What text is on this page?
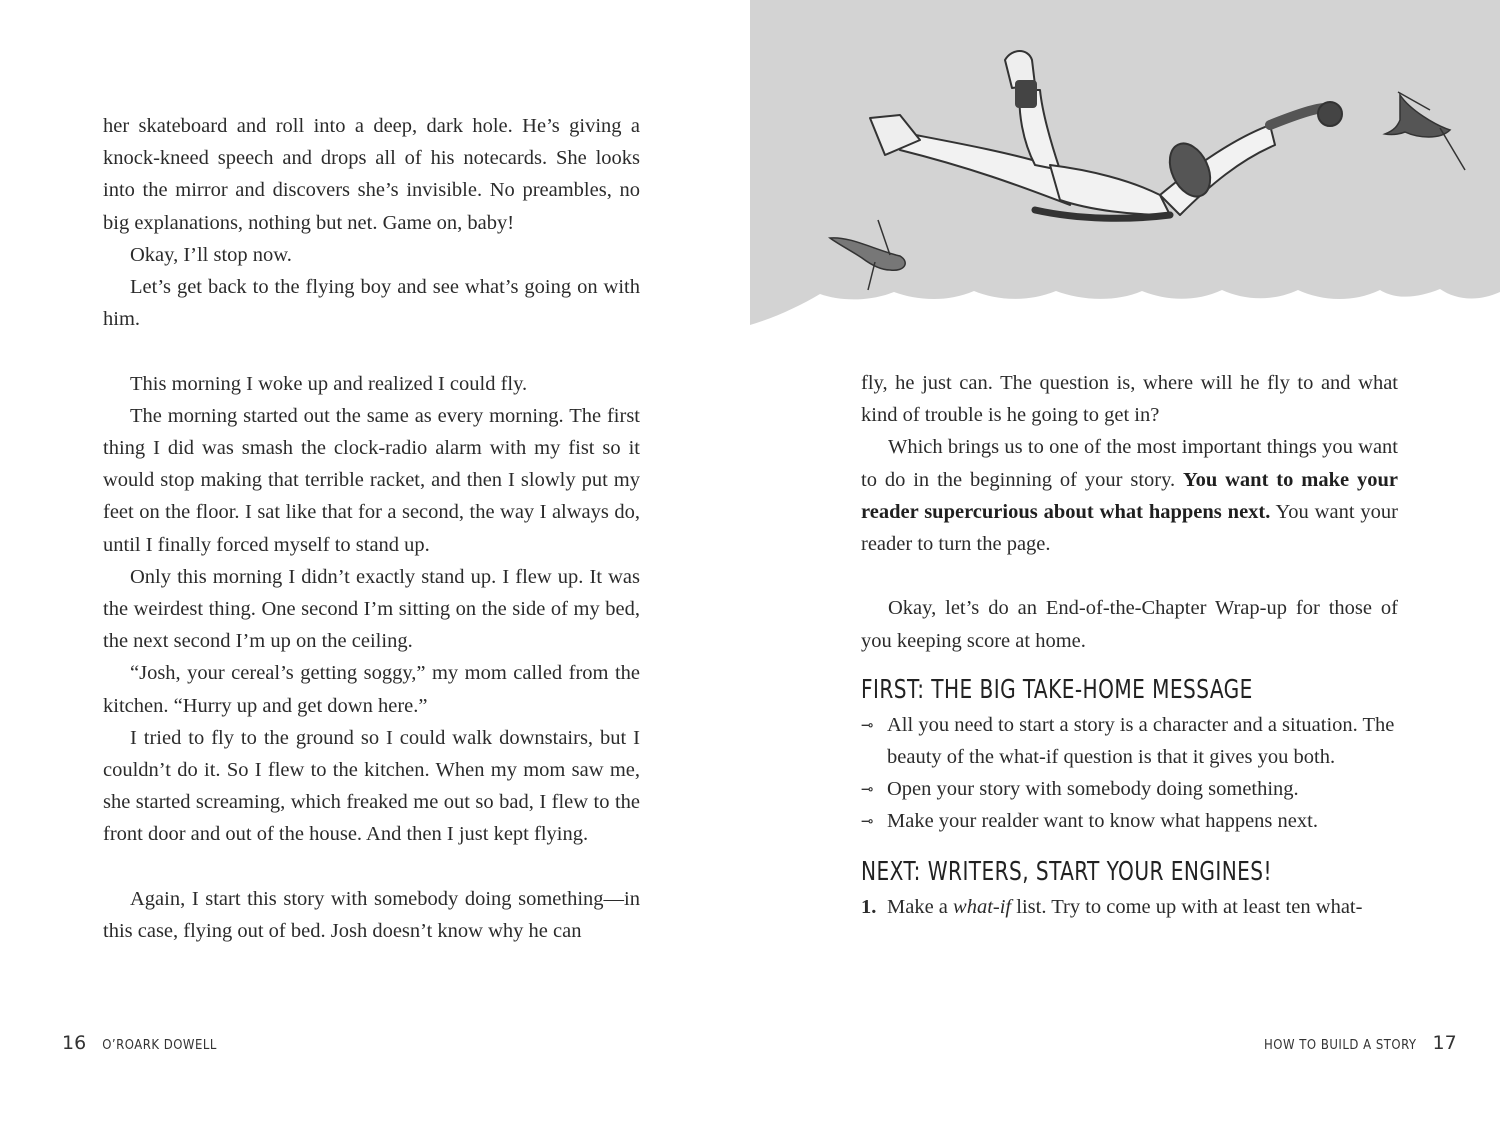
her skateboard and roll into a deep, dark hole. He’s giving a knock-kneed speech and drops all of his notecards. She looks into the mirror and discovers she’s invisible. No preambles, no big explanations, nothing but net. Game on, baby!

Okay, I’ll stop now.

Let’s get back to the flying boy and see what’s going on with him.

This morning I woke up and realized I could fly.

The morning started out the same as every morning. The first thing I did was smash the clock-radio alarm with my fist so it would stop making that terrible racket, and then I slowly put my feet on the floor. I sat like that for a second, the way I always do, until I finally forced myself to stand up.

Only this morning I didn’t exactly stand up. I flew up. It was the weirdest thing. One second I’m sitting on the side of my bed, the next second I’m up on the ceiling.

“Josh, your cereal’s getting soggy,” my mom called from the kitchen. “Hurry up and get down here.”

I tried to fly to the ground so I could walk downstairs, but I couldn’t do it. So I flew to the kitchen. When my mom saw me, she started screaming, which freaked me out so bad, I flew to the front door and out of the house. And then I just kept flying.

Again, I start this story with somebody doing something—in this case, flying out of bed. Josh doesn’t know why he can

16 O’ROARK DOWELL

fly, he just can. The question is, where will he fly to and what kind of trouble is he going to get in?

Which brings us to one of the most important things you want to do in the beginning of your story. You want to make your reader supercurious about what happens next. You want your reader to turn the page.

Okay, let’s do an End-of-the-Chapter Wrap-up for those of you keeping score at home.

FIRST: THE BIG TAKE-HOME MESSAGE
⊸ All you need to start a story is a character and a situation. The beauty of the what-if question is that it gives you both.
⊸ Open your story with somebody doing something.
⊸ Make your realder want to know what happens next.
NEXT: WRITERS, START YOUR ENGINES!
1. Make a what-if list. Try to come up with at least ten what-
HOW TO BUILD A STORY 17
